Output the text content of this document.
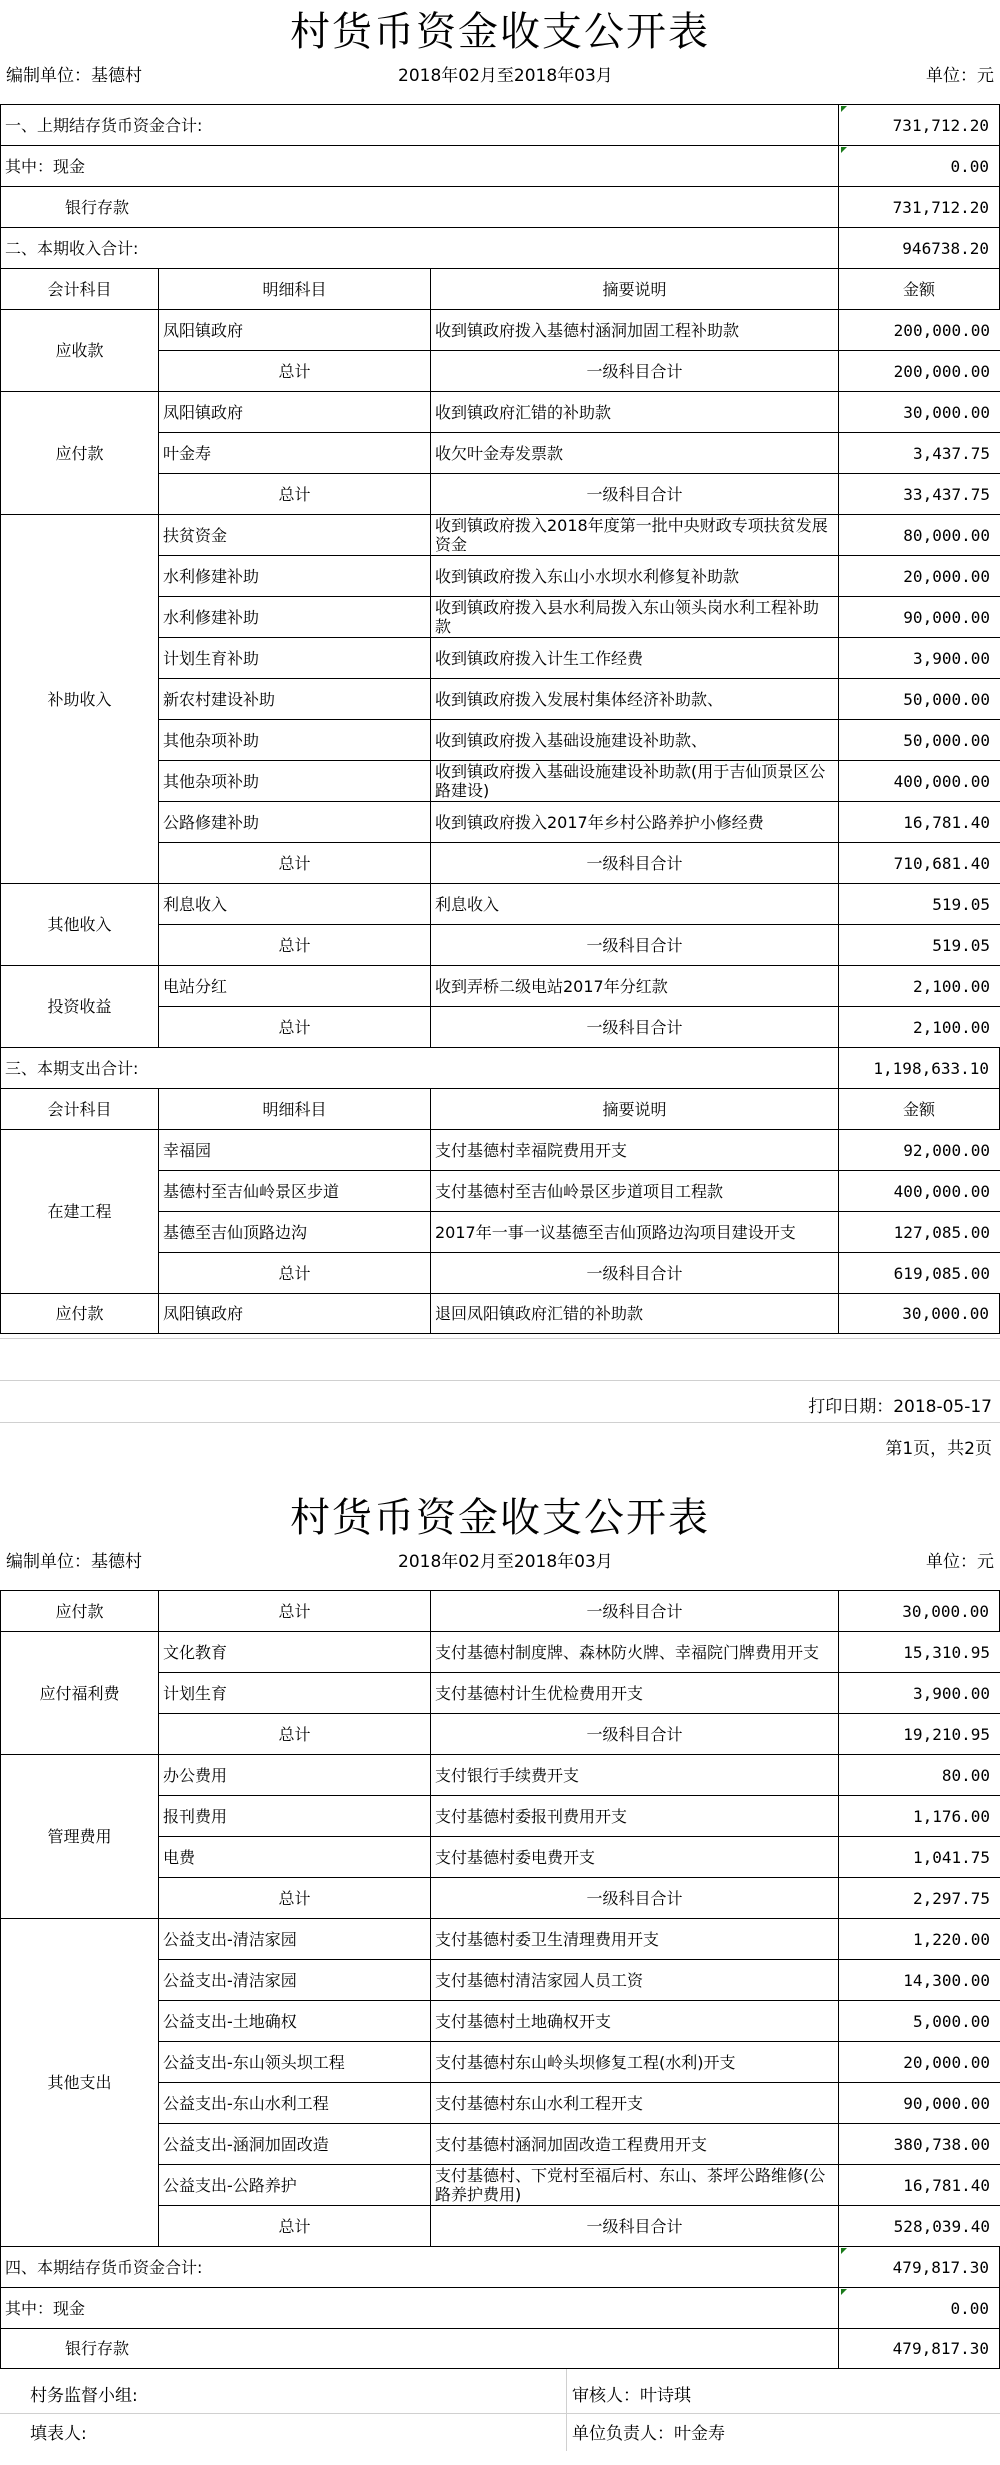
村货币资金收支公开表
编制单位：基德村	2018年02月至2018年03月	单位：元
一、上期结存货币资金合计:	731,712.20
其中：现金	0.00
银行存款	731,712.20
二、本期收入合计:	946738.20
会计科目	明细科目	摘要说明	金额
应收款
凤阳镇政府	收到镇政府拨入基德村涵洞加固工程补助款	200,000.00
总计	一级科目合计	200,000.00
应付款
凤阳镇政府	收到镇政府汇错的补助款	30,000.00
叶金寿	收欠叶金寿发票款	3,437.75
总计	一级科目合计	33,437.75
补助收入
扶贫资金	收到镇政府拨入2018年度第一批中央财政专项扶贫发展资金	80,000.00
水利修建补助	收到镇政府拨入东山小水坝水利修复补助款	20,000.00
水利修建补助	收到镇政府拨入县水利局拨入东山领头岗水利工程补助款	90,000.00
计划生育补助	收到镇政府拨入计生工作经费	3,900.00
新农村建设补助	收到镇政府拨入发展村集体经济补助款、	50,000.00
其他杂项补助	收到镇政府拨入基础设施建设补助款、	50,000.00
其他杂项补助	收到镇政府拨入基础设施建设补助款(用于吉仙顶景区公路建设)	400,000.00
公路修建补助	收到镇政府拨入2017年乡村公路养护小修经费	16,781.40
总计	一级科目合计	710,681.40
其他收入
利息收入	利息收入	519.05
总计	一级科目合计	519.05
投资收益
电站分红	收到弄桥二级电站2017年分红款	2,100.00
总计	一级科目合计	2,100.00
三、本期支出合计:	1,198,633.10
会计科目	明细科目	摘要说明	金额
在建工程
幸福园	支付基德村幸福院费用开支	92,000.00
基德村至吉仙岭景区步道	支付基德村至吉仙岭景区步道项目工程款	400,000.00
基德至吉仙顶路边沟	2017年一事一议基德至吉仙顶路边沟项目建设开支	127,085.00
总计	一级科目合计	619,085.00
应付款	凤阳镇政府	退回凤阳镇政府汇错的补助款	30,000.00
打印日期：2018-05-17
第1页，共2页
村货币资金收支公开表
编制单位：基德村	2018年02月至2018年03月	单位：元
应付款	总计	一级科目合计	30,000.00
应付福利费
文化教育	支付基德村制度牌、森林防火牌、幸福院门牌费用开支	15,310.95
计划生育	支付基德村计生优检费用开支	3,900.00
总计	一级科目合计	19,210.95
管理费用
办公费用	支付银行手续费开支	80.00
报刊费用	支付基德村委报刊费用开支	1,176.00
电费	支付基德村委电费开支	1,041.75
总计	一级科目合计	2,297.75
其他支出
公益支出-清洁家园	支付基德村委卫生清理费用开支	1,220.00
公益支出-清洁家园	支付基德村清洁家园人员工资	14,300.00
公益支出-土地确权	支付基德村土地确权开支	5,000.00
公益支出-东山领头坝工程	支付基德村东山岭头坝修复工程(水利)开支	20,000.00
公益支出-东山水利工程	支付基德村东山水利工程开支	90,000.00
公益支出-涵洞加固改造	支付基德村涵洞加固改造工程费用开支	380,738.00
公益支出-公路养护	支付基德村、下党村至福后村、东山、茶坪公路维修(公路养护费用)	16,781.40
总计	一级科目合计	528,039.40
四、本期结存货币资金合计:	479,817.30
其中：现金	0.00
银行存款	479,817.30
村务监督小组:	审核人：叶诗琪
填表人:	单位负责人：叶金寿
